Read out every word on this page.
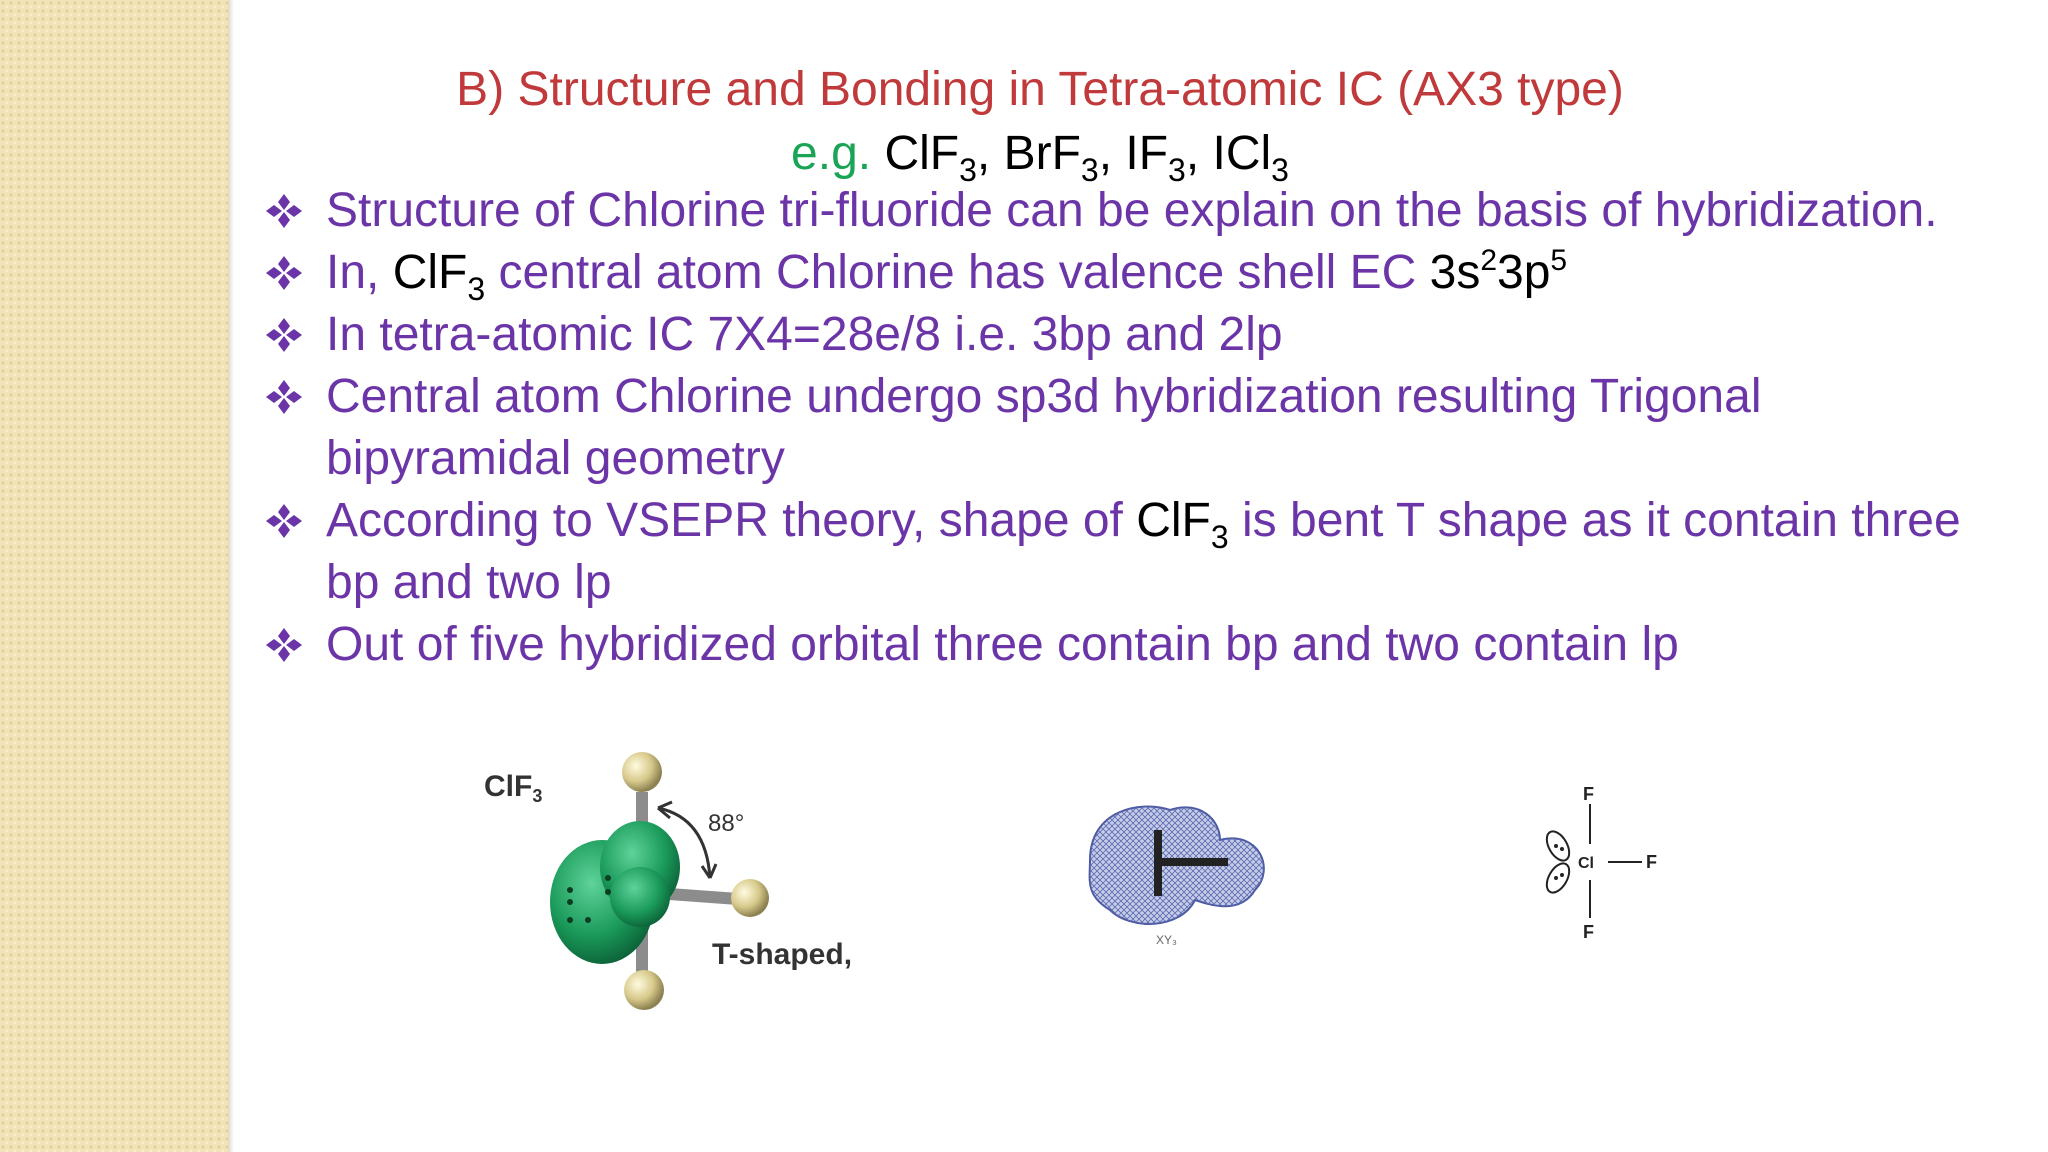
B) Structure and Bonding in Tetra-atomic IC (AX3 type)
e.g. ClF$_3$, BrF$_3$, $IF_3$, ICl$_3$
Structure of Chlorine tri-fluoride can be explain on the basis of hybridization.
In, ClF$_3$ central atom Chlorine has valence shell EC $3s^23p^5$
In tetra-atomic IC 7X4=28e/8 i.e. 3bp and 2lp
Central atom Chlorine undergo sp3d hybridization resulting Trigonal bipyramidal geometry
According to VSEPR theory, shape of ClF$_3$ is bent T shape as it contain three bp and two lp
Out of five hybridized orbital three contain bp and two contain lp
ClF$_3$
88°
T-shaped,	XY₃
F
Cl	F
F
